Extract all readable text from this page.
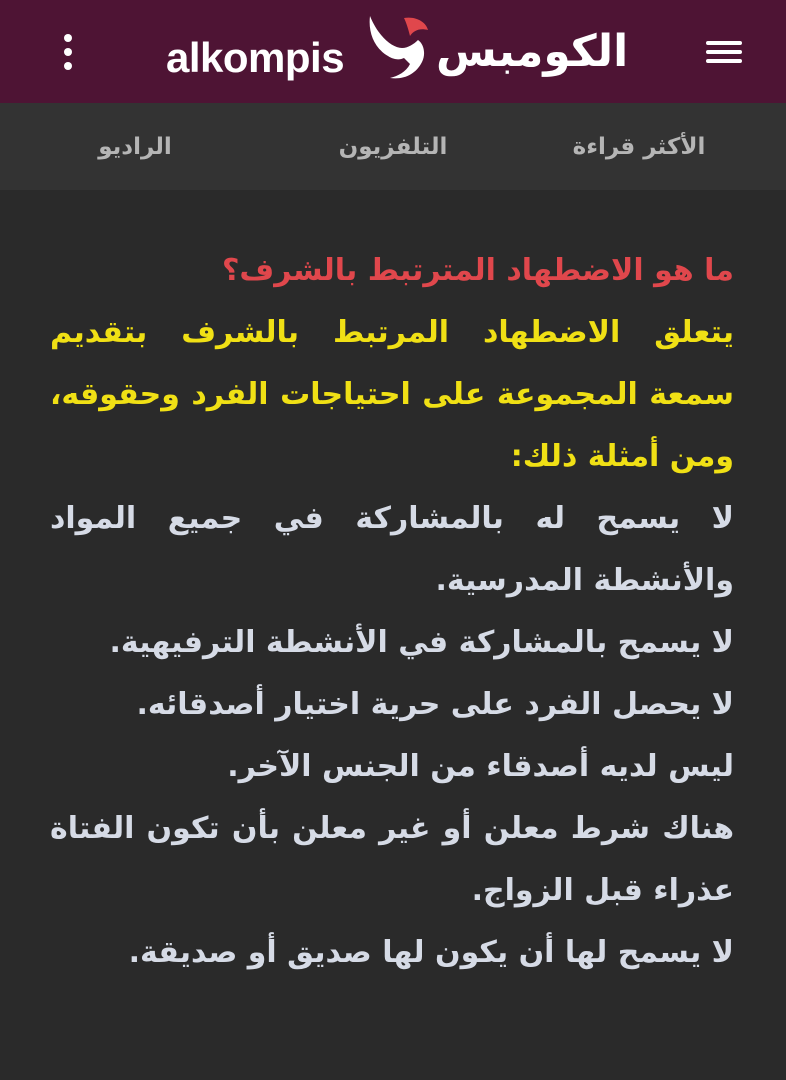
alkompis الكومبس
الأكثر قراءة
التلفزيون
الراديو

ما هو الاضطهاد المترتبط بالشرف؟

يتعلق الاضطهاد المرتبط بالشرف بتقديم سمعة المجموعة على احتياجات الفرد وحقوقه، ومن أمثلة ذلك:

لا يسمح له بالمشاركة في جميع المواد والأنشطة المدرسية.

لا يسمح بالمشاركة في الأنشطة الترفيهية.

لا يحصل الفرد على حرية اختيار أصدقائه.

ليس لديه أصدقاء من الجنس الآخر.

هناك شرط معلن أو غير معلن بأن تكون الفتاة عذراء قبل الزواج.

لا يسمح لها أن يكون لها صديق أو صديقة.
